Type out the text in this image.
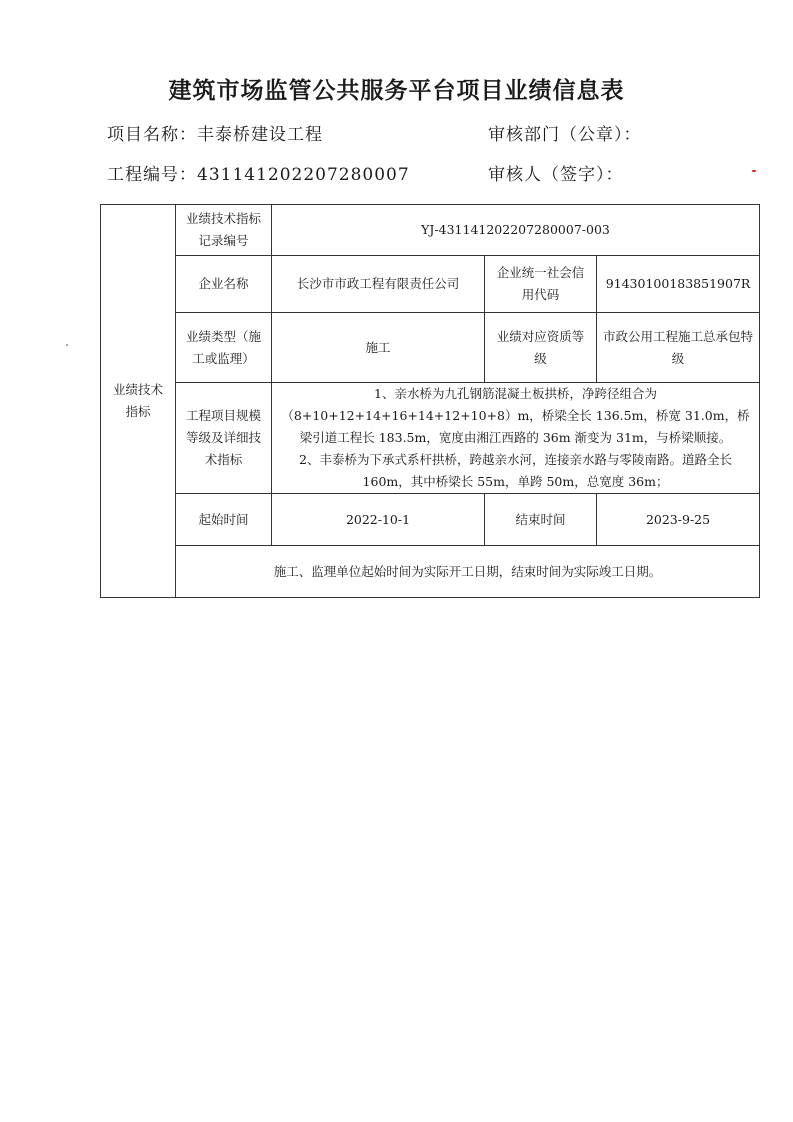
建筑市场监管公共服务平台项目业绩信息表
项目名称：丰泰桥建设工程	审核部门（公章）：
工程编号：431141202207280007	审核人（签字）：
业绩技术指标	业绩技术指标记录编号	YJ-431141202207280007-003		
	企业名称	长沙市市政工程有限责任公司	企业统一社会信用代码	91430100183851907R
	业绩类型（施工或监理）	施工	业绩对应资质等级	市政公用工程施工总承包特级
	工程项目规模等级及详细技术指标	1、亲水桥为九孔钢筋混凝土板拱桥，净跨径组合为（8+10+12+14+16+14+12+10+8）m，桥梁全长 136.5m，桥宽 31.0m，桥梁引道工程长 183.5m，宽度由湘江西路的 36m 渐变为 31m，与桥梁顺接。
2、丰泰桥为下承式系杆拱桥，跨越亲水河，连接亲水路与零陵南路。道路全长 160m，其中桥梁长 55m，单跨 50m，总宽度 36m；		

	起始时间	2022-10-1	结束时间	2023-9-25
	施工、监理单位起始时间为实际开工日期，结束时间为实际竣工日期。			
